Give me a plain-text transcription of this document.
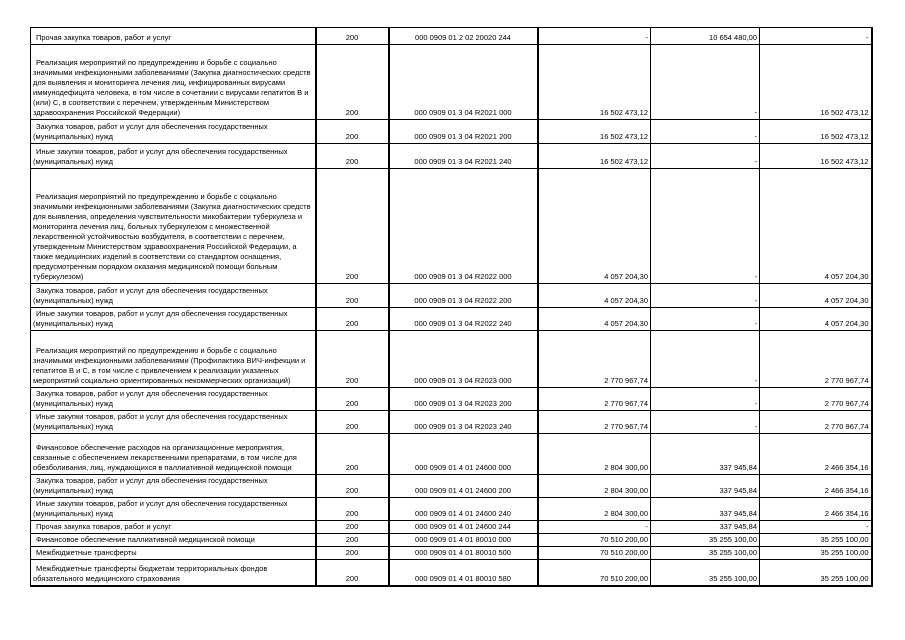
Прочая закупка товаров, работ и услуг	200	000 0909 01 2 02 20020 244	-	10 654 480,00	-
Реализация мероприятий по предупреждению и борьбе с социально значимыми инфекционными заболеваниями (Закупка диагностических средств для выявления и мониторинга лечения лиц, инфицированных вирусами иммунодефицита человека, в том числе в сочетании с вирусами гепатитов В и (или) С, в соответствии с перечнем, утвержденным Министерством здравоохранения Российской Федерации)	200	000 0909 01 3 04 R2021 000	16 502 473,12	-	16 502 473,12
Закупка товаров, работ и услуг для обеспечения государственных (муниципальных) нужд	200	000 0909 01 3 04 R2021 200	16 502 473,12	-	16 502 473,12
Иные закупки товаров, работ и услуг для обеспечения государственных (муниципальных) нужд	200	000 0909 01 3 04 R2021 240	16 502 473,12	-	16 502 473,12
Реализация мероприятий по предупреждению и борьбе с социально значимыми инфекционными заболеваниями (Закупка диагностических средств для выявления, определения чувствительности микобактерии туберкулеза и мониторинга лечения лиц, больных туберкулезом с множественной лекарственной устойчивостью возбудителя, в соответствии с перечнем, утвержденным Министерством здравоохранения Российской Федерации, а также медицинских изделий в соответствии со стандартом оснащения, предусмотренным порядком оказания медицинской помощи больным туберкулезом)	200	000 0909 01 3 04 R2022 000	4 057 204,30	-	4 057 204,30
Закупка товаров, работ и услуг для обеспечения государственных (муниципальных) нужд	200	000 0909 01 3 04 R2022 200	4 057 204,30	-	4 057 204,30
Иные закупки товаров, работ и услуг для обеспечения государственных (муниципальных) нужд	200	000 0909 01 3 04 R2022 240	4 057 204,30	-	4 057 204,30
Реализация мероприятий по предупреждению и борьбе с социально значимыми инфекционными заболеваниями (Профилактика ВИЧ-инфекции и гепатитов В и С, в том числе с привлечением к реализации указанных мероприятий социально ориентированных некоммерческих организаций)	200	000 0909 01 3 04 R2023 000	2 770 967,74	-	2 770 967,74
Закупка товаров, работ и услуг для обеспечения государственных (муниципальных) нужд	200	000 0909 01 3 04 R2023 200	2 770 967,74	-	2 770 967,74
Иные закупки товаров, работ и услуг для обеспечения государственных (муниципальных) нужд	200	000 0909 01 3 04 R2023 240	2 770 967,74	-	2 770 967,74
Финансовое обеспечение расходов на организационные мероприятия, связанные с обеспечением лекарственными препаратами, в том числе для обезболивания, лиц, нуждающихся в паллиативной медицинской помощи	200	000 0909 01 4 01 24600 000	2 804 300,00	337 945,84	2 466 354,16
Закупка товаров, работ и услуг для обеспечения государственных (муниципальных) нужд	200	000 0909 01 4 01 24600 200	2 804 300,00	337 945,84	2 466 354,16
Иные закупки товаров, работ и услуг для обеспечения государственных (муниципальных) нужд	200	000 0909 01 4 01 24600 240	2 804 300,00	337 945,84	2 466 354,16
Прочая закупка товаров, работ и услуг	200	000 0909 01 4 01 24600 244	-	337 945,84	-
Финансовое обеспечение паллиативной медицинской помощи	200	000 0909 01 4 01 80010 000	70 510 200,00	35 255 100,00	35 255 100,00
Межбюджетные трансферты	200	000 0909 01 4 01 80010 500	70 510 200,00	35 255 100,00	35 255 100,00
Межбюджетные трансферты бюджетам территориальных фондов обязательного медицинского страхования	200	000 0909 01 4 01 80010 580	70 510 200,00	35 255 100,00	35 255 100,00
